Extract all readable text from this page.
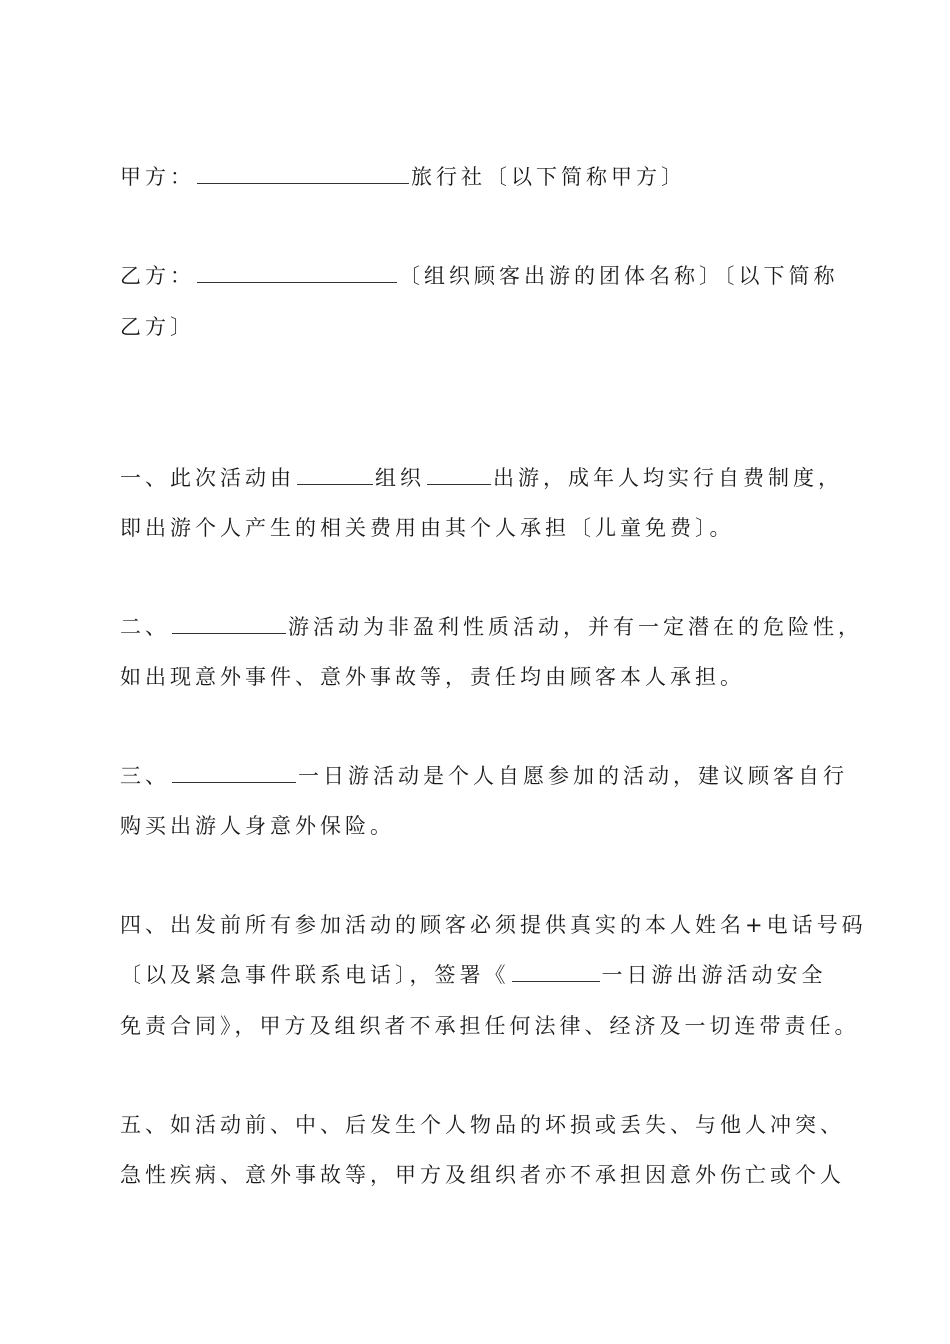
甲方：	旅行社〔以下简称甲方〕
乙方：	〔组织顾客出游的团体名称〕〔以下简称
乙方〕
一、此次活动由	组织	出游，成年人均实行自费制度，
即出游个人产生的相关费用由其个人承担〔儿童免费〕。
二、	游活动为非盈利性质活动，并有一定潜在的危险性，
如出现意外事件、意外事故等，责任均由顾客本人承担。
三、	一日游活动是个人自愿参加的活动，建议顾客自行
购买出游人身意外保险。
四、出发前所有参加活动的顾客必须提供真实的本人姓名+电话号码
〔以及紧急事件联系电话〕，签署《	一日游出游活动安全
免责合同》，甲方及组织者不承担任何法律、经济及一切连带责任。
五、如活动前、中、后发生个人物品的坏损或丢失、与他人冲突、
急性疾病、意外事故等，甲方及组织者亦不承担因意外伤亡或个人
